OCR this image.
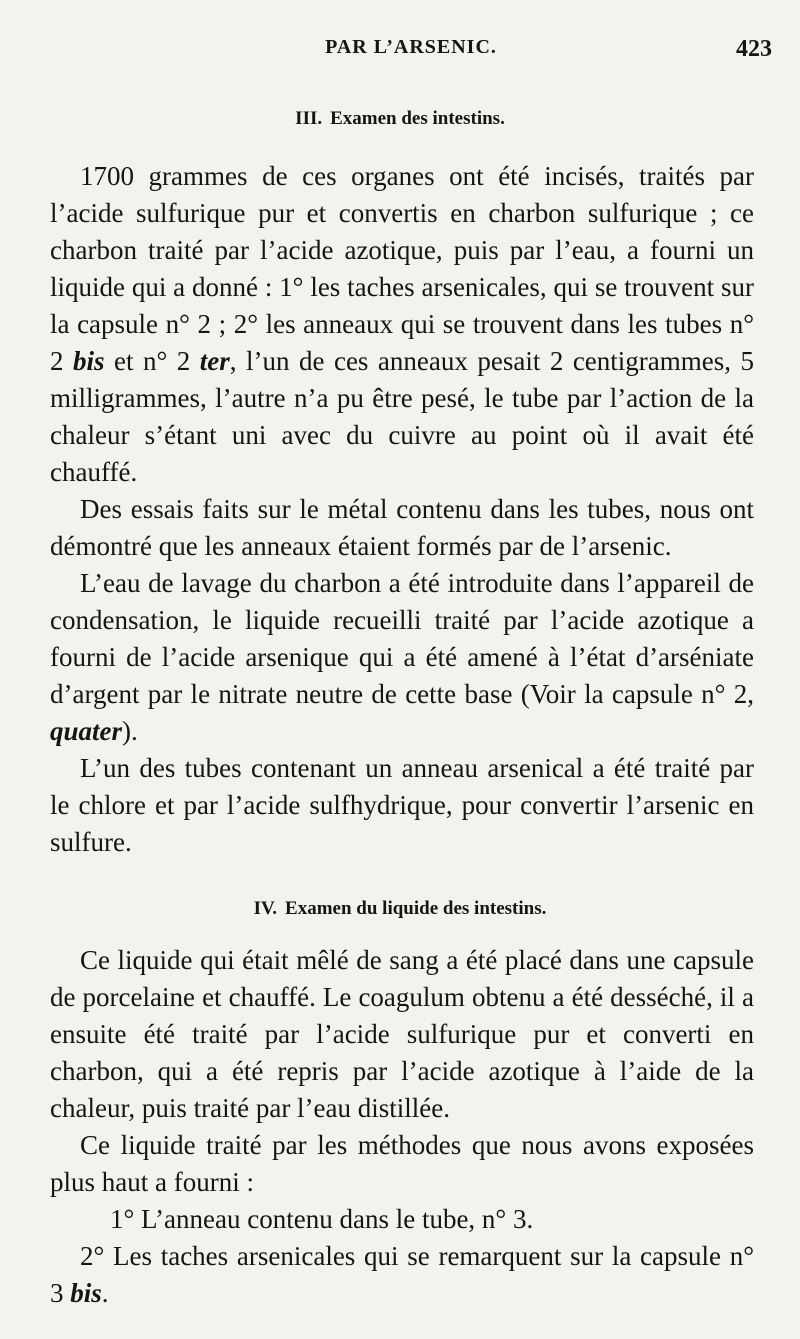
PAR L’ARSENIC.	423
III. Examen des intestins.

1700 grammes de ces organes ont été incisés, traités par l’acide sulfurique pur et convertis en charbon sulfurique ; ce charbon traité par l’acide azotique, puis par l’eau, a fourni un liquide qui a donné : 1° les taches arsenicales, qui se trouvent sur la capsule n° 2 ; 2° les anneaux qui se trouvent dans les tubes n° 2 bis et n° 2 ter, l’un de ces anneaux pesait 2 centigrammes, 5 milligrammes, l’autre n’a pu être pesé, le tube par l’action de la chaleur s’étant uni avec du cuivre au point où il avait été chauffé.

Des essais faits sur le métal contenu dans les tubes, nous ont démontré que les anneaux étaient formés par de l’arsenic.

L’eau de lavage du charbon a été introduite dans l’appareil de condensation, le liquide recueilli traité par l’acide azotique a fourni de l’acide arsenique qui a été amené à l’état d’arséniate d’argent par le nitrate neutre de cette base (Voir la capsule n° 2, quater).

L’un des tubes contenant un anneau arsenical a été traité par le chlore et par l’acide sulfhydrique, pour convertir l’arsenic en sulfure.

IV. Examen du liquide des intestins.

Ce liquide qui était mêlé de sang a été placé dans une capsule de porcelaine et chauffé. Le coagulum obtenu a été desséché, il a ensuite été traité par l’acide sulfurique pur et converti en charbon, qui a été repris par l’acide azotique à l’aide de la chaleur, puis traité par l’eau distillée.

Ce liquide traité par les méthodes que nous avons exposées plus haut a fourni :

1° L’anneau contenu dans le tube, n° 3.

2° Les taches arsenicales qui se remarquent sur la capsule n° 3 bis.
